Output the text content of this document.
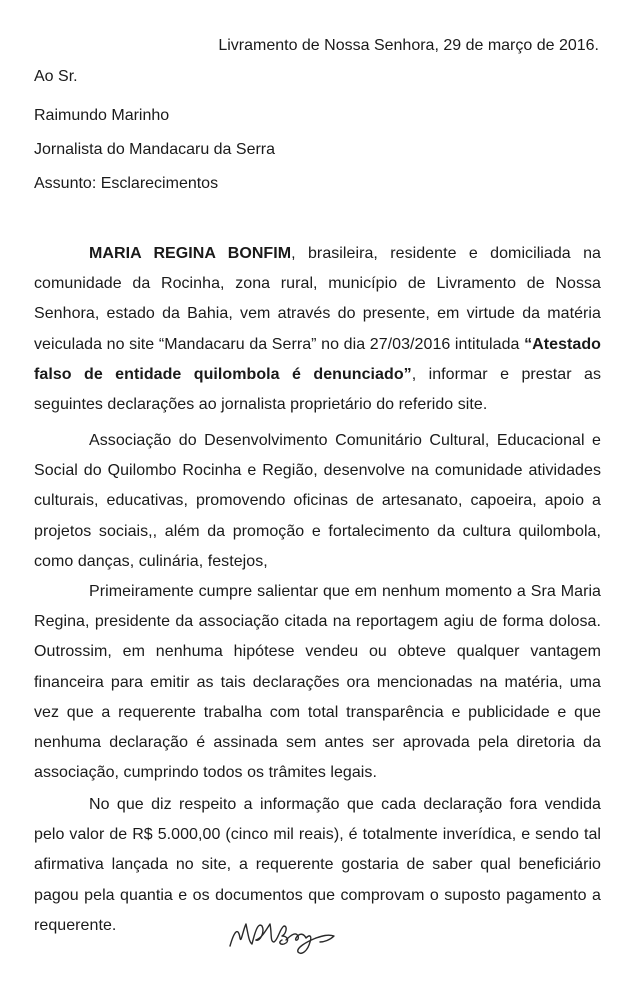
Livramento de Nossa Senhora, 29 de março de 2016.
Ao Sr.
Raimundo Marinho
Jornalista do Mandacaru da Serra
Assunto: Esclarecimentos
MARIA REGINA BONFIM, brasileira, residente e domiciliada na comunidade da Rocinha, zona rural, município de Livramento de Nossa Senhora, estado da Bahia, vem através do presente, em virtude da matéria veiculada no site “Mandacaru da Serra” no dia 27/03/2016 intitulada “Atestado falso de entidade quilombola é denunciado”, informar e prestar as seguintes declarações ao jornalista proprietário do referido site.
Associação do Desenvolvimento Comunitário Cultural, Educacional e Social do Quilombo Rocinha e Região, desenvolve na comunidade atividades culturais, educativas, promovendo oficinas de artesanato, capoeira, apoio a projetos sociais,, além da promoção e fortalecimento da cultura quilombola, como danças, culinária, festejos,
Primeiramente cumpre salientar que em nenhum momento a Sra Maria Regina, presidente da associação citada na reportagem agiu de forma dolosa. Outrossim, em nenhuma hipótese vendeu ou obteve qualquer vantagem financeira para emitir as tais declarações ora mencionadas na matéria, uma vez que a requerente trabalha com total transparência e publicidade e que nenhuma declaração é assinada sem antes ser aprovada pela diretoria da associação, cumprindo todos os trâmites legais.
No que diz respeito a informação que cada declaração fora vendida pelo valor de R$ 5.000,00 (cinco mil reais), é totalmente inverídica, e sendo tal afirmativa lançada no site, a requerente gostaria de saber qual beneficiário pagou pela quantia e os documentos que comprovam o suposto pagamento a requerente.
